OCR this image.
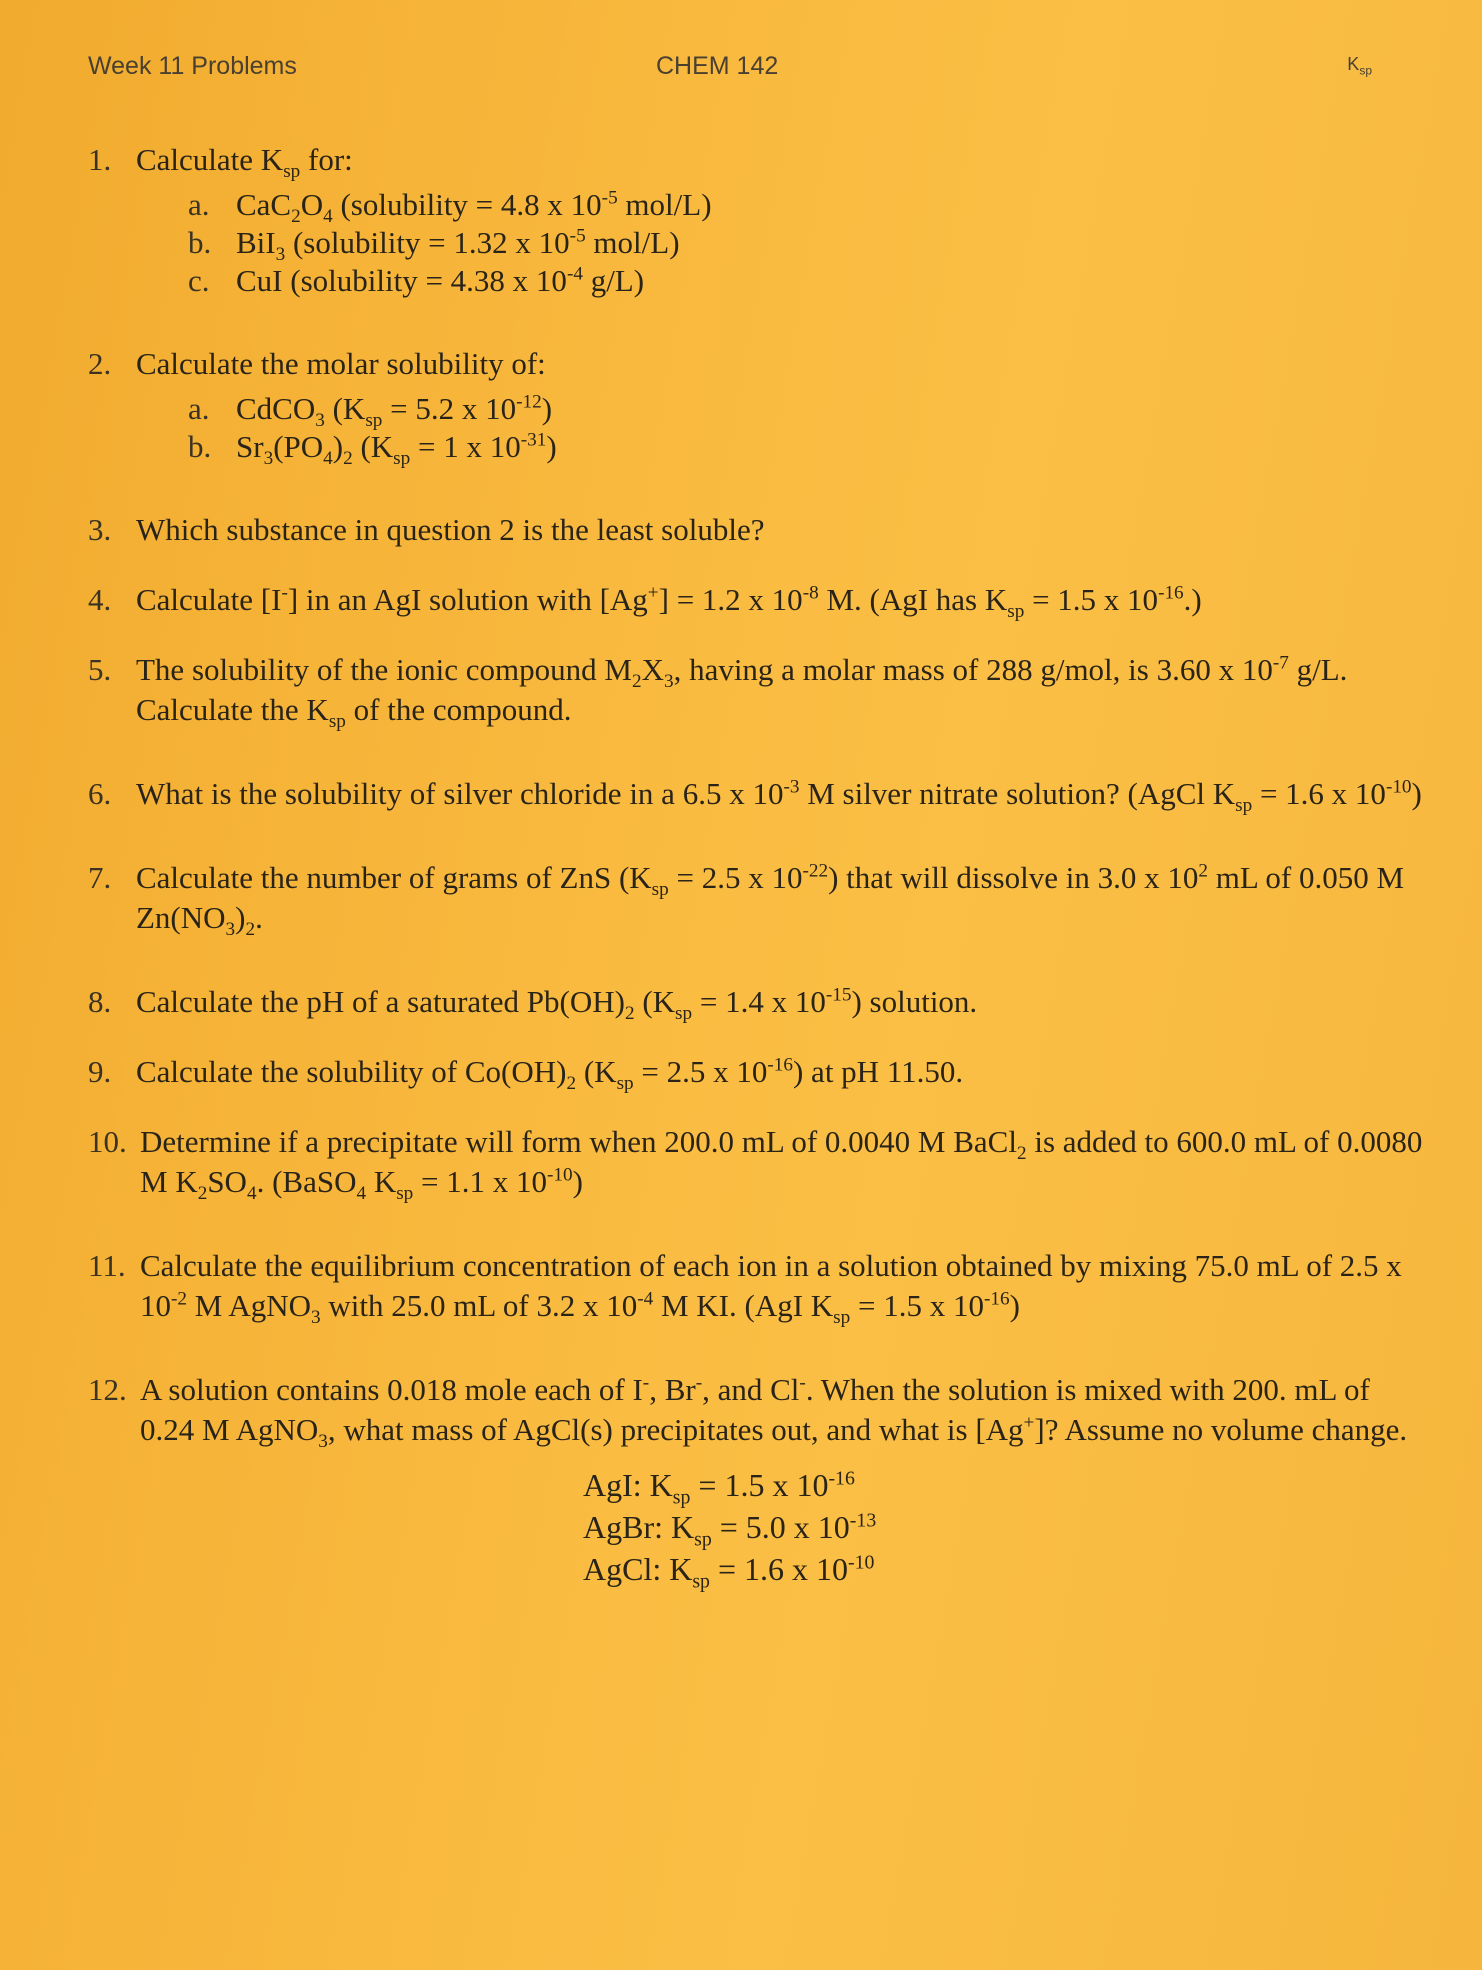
Week 11 Problems	CHEM 142	$K_{sp}$
1. Calculate $K_{sp}$ for:
a. $CaC_2O_4$ (solubility = 4.8 x $10^{-5}$ mol/L)
b. BiI$_3$ (solubility = 1.32 x $10^{-5}$ mol/L)
c. CuI (solubility = 4.38 x $10^{-4}$ g/L)
2. Calculate the molar solubility of:
a. CdCO$_3$ ($K_{sp} = 5.2$ x $10^{-12}$)
b. $Sr_3(PO_4)_2$ ($K_{sp} = 1$ x $10^{-31}$)
3. Which substance in question 2 is the least soluble?
4. Calculate [I-] in an AgI solution with [Ag+] = 1.2 x $10^{-8}$ M. (AgI has $K_{sp} = 1.5$ x $10^{-16}$.)
5. The solubility of the ionic compound $M_2X_3$, having a molar mass of 288 g/mol, is 3.60 x $10^{-7}$ g/L. Calculate the $K_{sp}$ of the compound.
6. What is the solubility of silver chloride in a 6.5 x $10^{-3}$ M silver nitrate solution? (AgCl $K_{sp} = 1.6$ x $10^{-10}$)
7. Calculate the number of grams of ZnS ($K_{sp} = 2.5$ x $10^{-22}$) that will dissolve in 3.0 x $10^2$ mL of 0.050 M $Zn(NO_3)_2$.
8. Calculate the pH of a saturated $Pb(OH)_2$ ($K_{sp} = 1.4$ x $10^{-15}$) solution.
9. Calculate the solubility of $Co(OH)_2$ ($K_{sp} = 2.5$ x $10^{-16}$) at pH 11.50.
10. Determine if a precipitate will form when 200.0 mL of 0.0040 M BaCl$_2$ is added to 600.0 mL of 0.0080 M $K_2SO_4$. (BaSO$_4$ $K_{sp} = 1.1$ x $10^{-10}$)
11. Calculate the equilibrium concentration of each ion in a solution obtained by mixing 75.0 mL of 2.5 x $10^{-2}$ M AgNO$_3$ with 25.0 mL of 3.2 x $10^{-4}$ M KI. (AgI $K_{sp} = 1.5$ x $10^{-16}$)
12. A solution contains 0.018 mole each of I-, Br-, and Cl-. When the solution is mixed with 200. mL of 0.24 M AgNO$_3$, what mass of AgCl(s) precipitates out, and what is [Ag+]? Assume no volume change.
AgI: $K_{sp} = 1.5$ x $10^{-16}$
AgBr: $K_{sp} = 5.0$ x $10^{-13}$
AgCl: $K_{sp} = 1.6$ x $10^{-10}$
